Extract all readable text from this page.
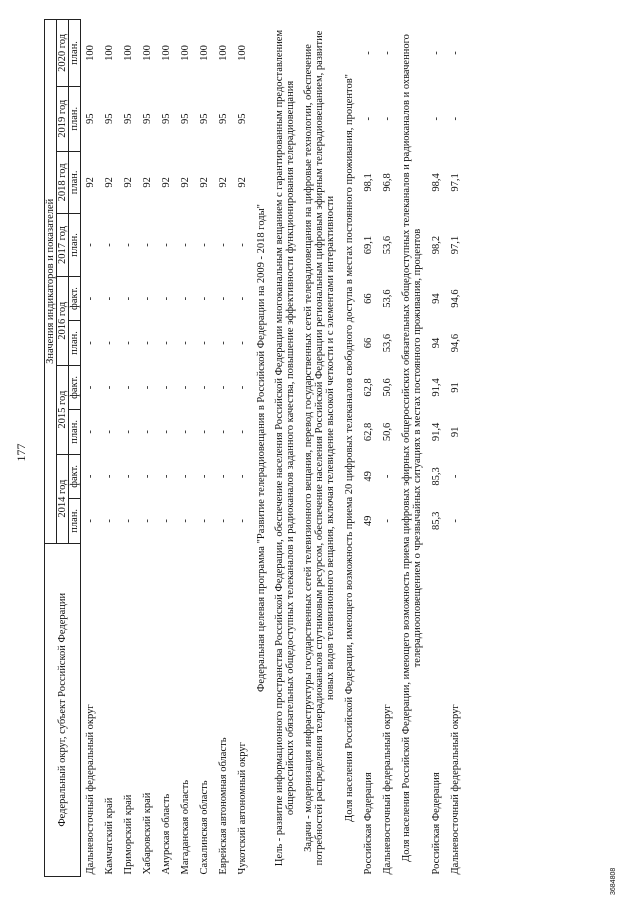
177
Федеральный округ, субъект Российской Федерации	Значения индикаторов и показателей									
	2014 год		2015 год		2016 год		2017 год	2018 год	2019 год	2020 год
	план.	факт.	план.	факт.	план.	факт.	план.	план.	план.	план.
Дальневосточный федеральный округ	-	-	-	-	-	-	-	92	95	100
Камчатский край	-	-	-	-	-	-	-	92	95	100
Приморский край	-	-	-	-	-	-	-	92	95	100
Хабаровский край	-	-	-	-	-	-	-	92	95	100
Амурская область	-	-	-	-	-	-	-	92	95	100
Магаданская область	-	-	-	-	-	-	-	92	95	100
Сахалинская область	-	-	-	-	-	-	-	92	95	100
Еврейская автономная область	-	-	-	-	-	-	-	92	95	100
Чукотский автономный округ	-	-	-	-	-	-	-	92	95	100
Федеральная целевая программа "Развитие телерадиовещания в Российской Федерации на 2009 - 2018 годы"										
Цель - развитие информационного пространства Российской Федерации, обеспечение населения Российской Федерации многоканальным вещанием с гарантированным предоставлением общероссийских обязательных общедоступных телеканалов и радиоканалов заданного качества, повышение эффективности функционирования телерадиовещания										
Задачи - модернизация инфраструктуры государственных сетей телевизионного вещания, перевод государственных сетей телерадиовещания на цифровые технологии, обеспечение потребностей распределения телерадиоканалов спутниковым ресурсом, обеспечение населения Российской Федерации региональным цифровым эфирным телерадиовещанием, развитие новых видов телевизионного вещания, включая телевидение высокой четкости и с элементами интерактивности										
Доля населения Российской Федерации, имеющего возможность приема 20 цифровых телеканалов свободного доступа в местах постоянного проживания, процентов"										
Российская Федерация	49	49	62,8	62,8	66	66	69,1	98,1	-	-
Дальневосточный федеральный округ	-	-	50,6	50,6	53,6	53,6	53,6	96,8	-	-
Доля населения Российской Федерации, имеющего возможность приема цифровых эфирных общероссийских обязательных общедоступных телеканалов и радиоканалов и охваченного телерадиооповещением о чрезвычайных ситуациях в местах постоянного проживания, процентов										
Российская Федерация	85,3	85,3	91,4	91,4	94	94	98,2	98,4	-	-
Дальневосточный федеральный округ	-	-	91	91	94,6	94,6	97,1	97,1	-	-
3684808
